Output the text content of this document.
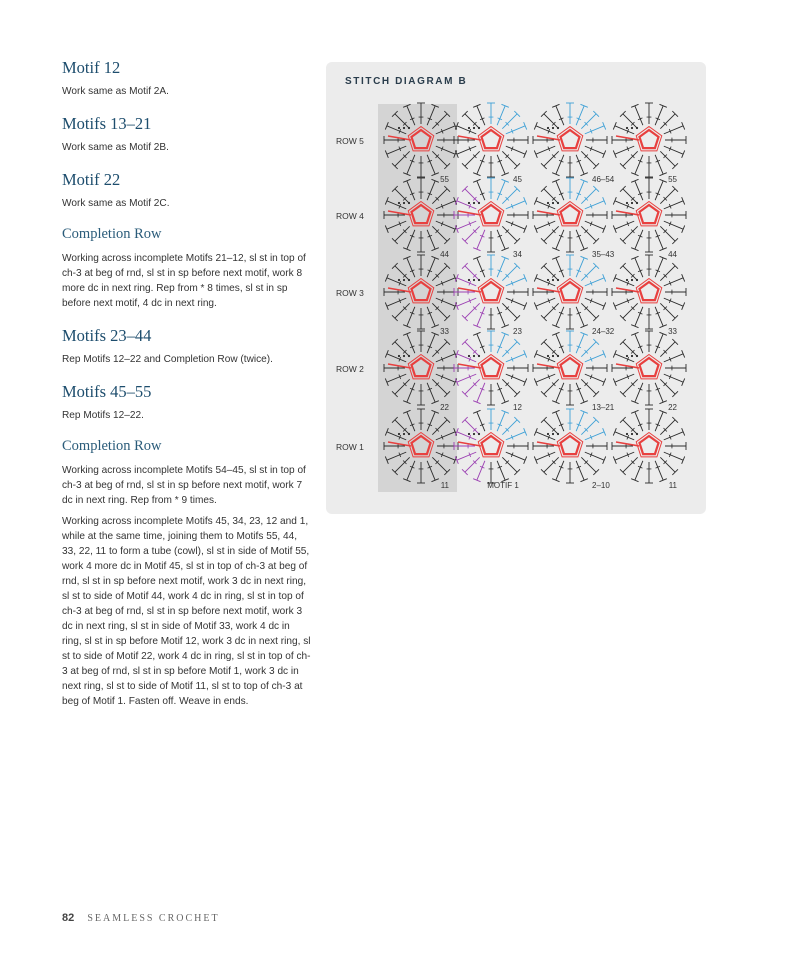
Motif 12
Work same as Motif 2A.
Motifs 13–21
Work same as Motif 2B.
Motif 22
Work same as Motif 2C.
Completion Row
Working across incomplete Motifs 21–12, sl st in top of ch-3 at beg of rnd, sl st in sp before next motif, work 8 more dc in next ring. Rep from * 8 times, sl st in sp before next motif, 4 dc in next ring.
Motifs 23–44
Rep Motifs 12–22 and Completion Row (twice).
Motifs 45–55
Rep Motifs 12–22.
Completion Row
Working across incomplete Motifs 54–45, sl st in top of ch-3 at beg of rnd, sl st in sp before next motif, work 7 dc in next ring. Rep from * 9 times.
Working across incomplete Motifs 45, 34, 23, 12 and 1, while at the same time, joining them to Motifs 55, 44, 33, 22, 11 to form a tube (cowl), sl st in side of Motif 55, work 4 more dc in Motif 45, sl st in top of ch-3 at beg of rnd, sl st in sp before next motif, work 3 dc in next ring, sl st to side of Motif 44, work 4 dc in ring, sl st in top of ch-3 at beg of rnd, sl st in sp before next motif, work 3 dc in next ring, sl st in side of Motif 33, work 4 dc in ring, sl st in sp before Motif 12, work 3 dc in next ring, sl st to side of Motif 22, work 4 dc in ring, sl st in top of ch-3 at beg of rnd, sl st in sp before Motif 1, work 3 dc in next ring, sl st to side of Motif 11, sl st to top of ch-3 at beg of Motif 1. Fasten off. Weave in ends.
STITCH DIAGRAM B
ROW 5
55	45	46–54	55
ROW 4
44	34	35–43	44
ROW 3
33	23	24–32	33
ROW 2
22	12	13–21	22
ROW 1
11	MOTIF 1	2–10	11
82 SEAMLESS CROCHET
